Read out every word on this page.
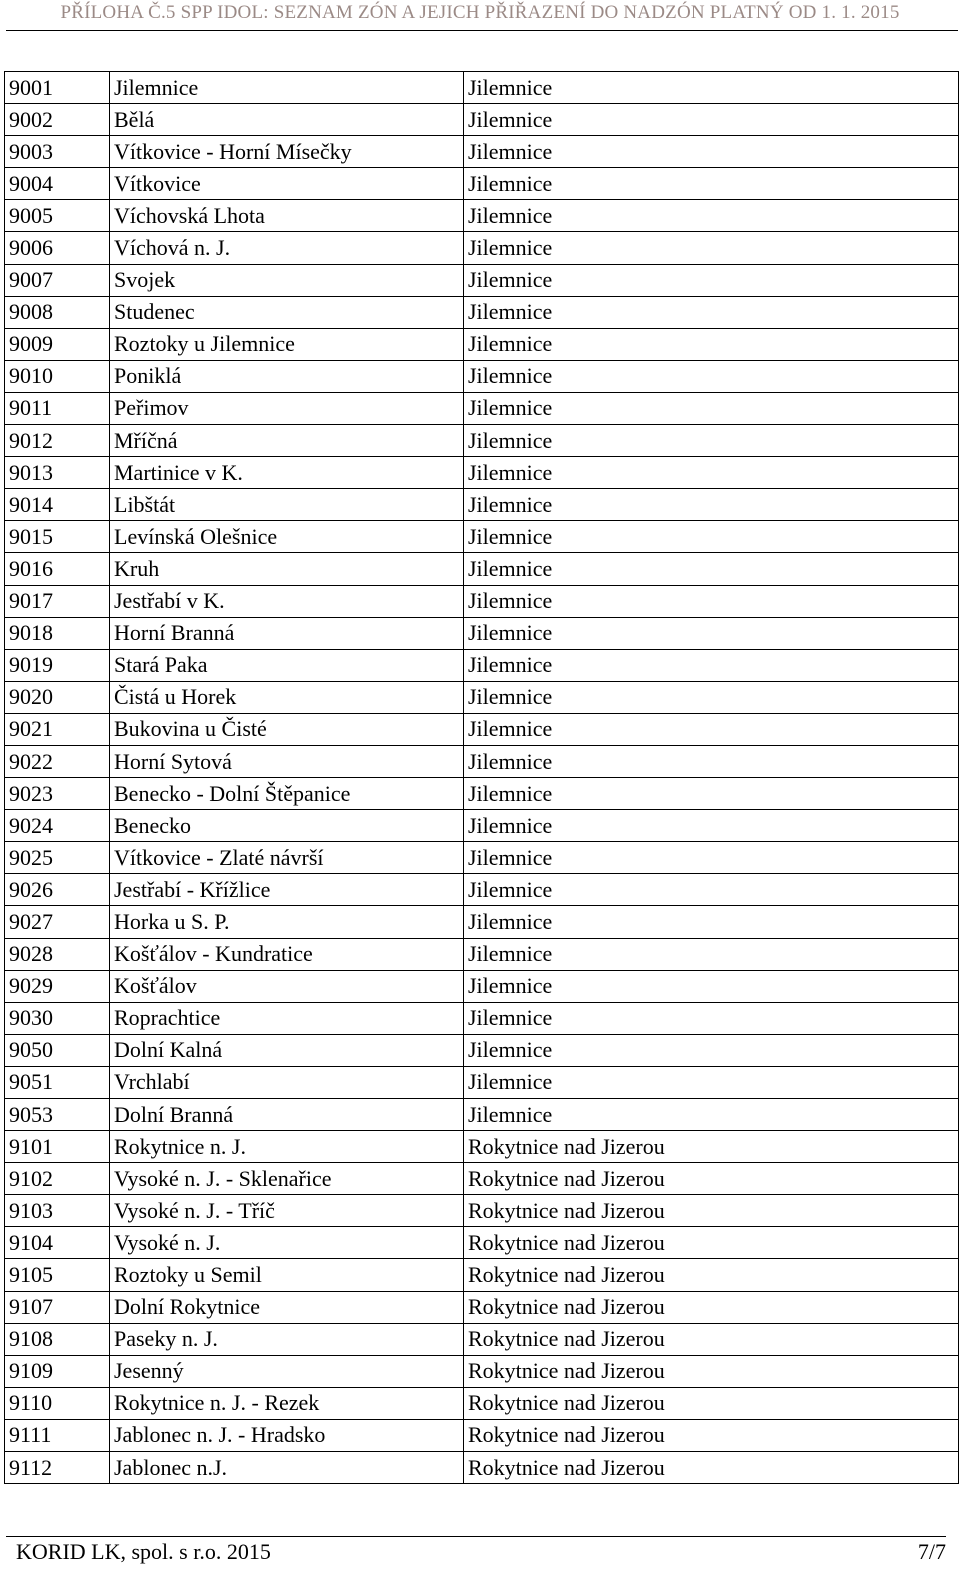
PŘÍLOHA Č.5 SPP IDOL: SEZNAM ZÓN A JEJICH PŘIŘAZENÍ DO NADZÓN PLATNÝ OD 1. 1. 2015
9001	Jilemnice	Jilemnice
9002	Bělá	Jilemnice
9003	Vítkovice - Horní Mísečky	Jilemnice
9004	Vítkovice	Jilemnice
9005	Víchovská Lhota	Jilemnice
9006	Víchová n. J.	Jilemnice
9007	Svojek	Jilemnice
9008	Studenec	Jilemnice
9009	Roztoky u Jilemnice	Jilemnice
9010	Poniklá	Jilemnice
9011	Peřimov	Jilemnice
9012	Mříčná	Jilemnice
9013	Martinice v K.	Jilemnice
9014	Libštát	Jilemnice
9015	Levínská Olešnice	Jilemnice
9016	Kruh	Jilemnice
9017	Jestřabí v K.	Jilemnice
9018	Horní Branná	Jilemnice
9019	Stará Paka	Jilemnice
9020	Čistá u Horek	Jilemnice
9021	Bukovina u Čisté	Jilemnice
9022	Horní Sytová	Jilemnice
9023	Benecko - Dolní Štěpanice	Jilemnice
9024	Benecko	Jilemnice
9025	Vítkovice - Zlaté návrší	Jilemnice
9026	Jestřabí - Křížlice	Jilemnice
9027	Horka u S. P.	Jilemnice
9028	Košťálov - Kundratice	Jilemnice
9029	Košťálov	Jilemnice
9030	Roprachtice	Jilemnice
9050	Dolní Kalná	Jilemnice
9051	Vrchlabí	Jilemnice
9053	Dolní Branná	Jilemnice
9101	Rokytnice n. J.	Rokytnice nad Jizerou
9102	Vysoké n. J. - Sklenařice	Rokytnice nad Jizerou
9103	Vysoké n. J. - Tříč	Rokytnice nad Jizerou
9104	Vysoké n. J.	Rokytnice nad Jizerou
9105	Roztoky u Semil	Rokytnice nad Jizerou
9107	Dolní Rokytnice	Rokytnice nad Jizerou
9108	Paseky n. J.	Rokytnice nad Jizerou
9109	Jesenný	Rokytnice nad Jizerou
9110	Rokytnice n. J. - Rezek	Rokytnice nad Jizerou
9111	Jablonec n. J. - Hradsko	Rokytnice nad Jizerou
9112	Jablonec n.J.	Rokytnice nad Jizerou
KORID LK, spol. s r.o. 2015	7/7
